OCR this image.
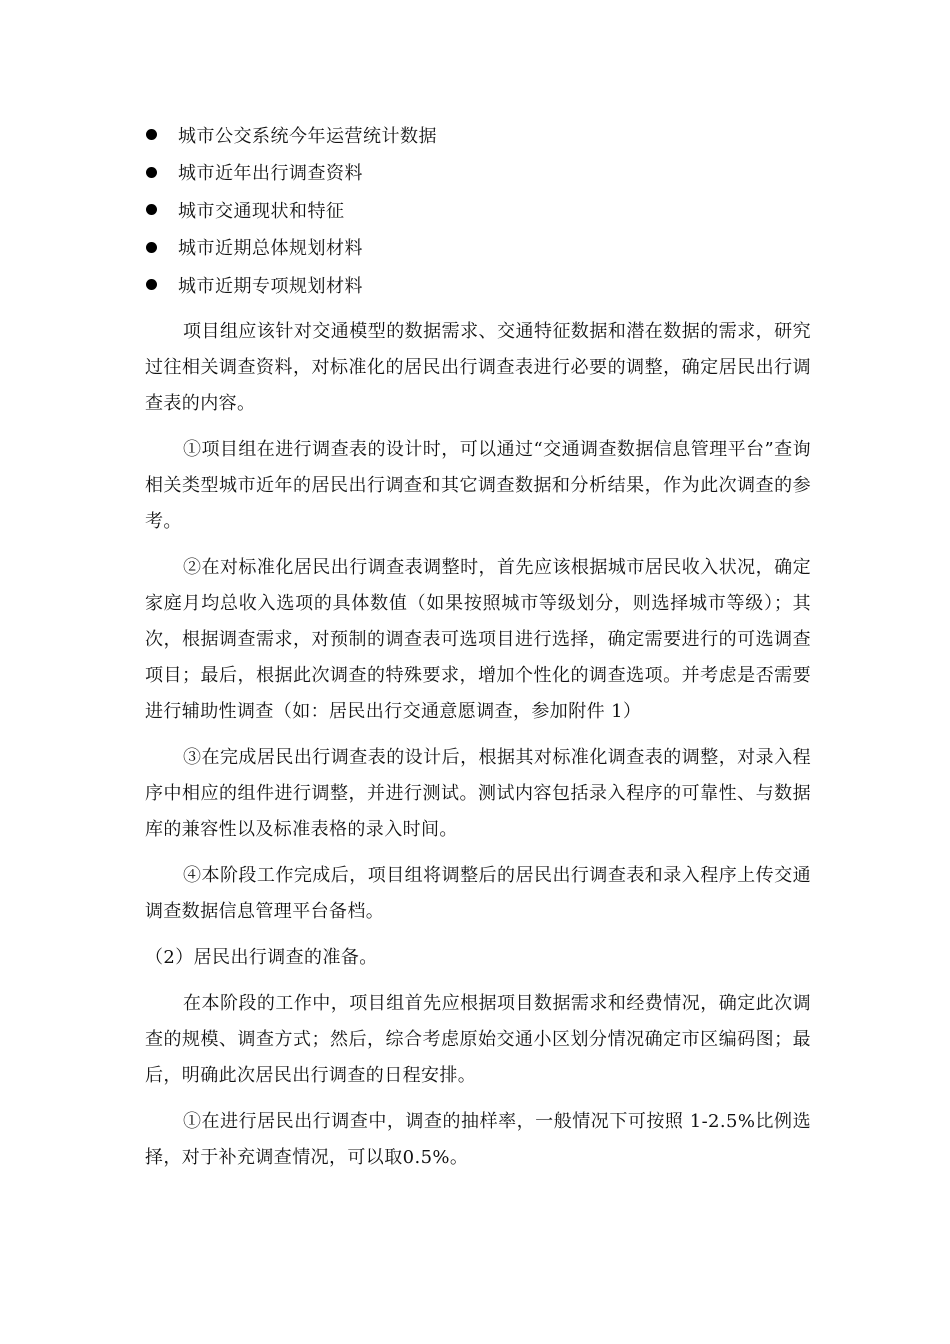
城市公交系统今年运营统计数据
城市近年出行调查资料
城市交通现状和特征
城市近期总体规划材料
城市近期专项规划材料

项目组应该针对交通模型的数据需求、交通特征数据和潜在数据的需求，研究过往相关调查资料，对标准化的居民出行调查表进行必要的调整，确定居民出行调查表的内容。

①项目组在进行调查表的设计时，可以通过“交通调查数据信息管理平台”查询相关类型城市近年的居民出行调查和其它调查数据和分析结果，作为此次调查的参考。

②在对标准化居民出行调查表调整时，首先应该根据城市居民收入状况，确定家庭月均总收入选项的具体数值（如果按照城市等级划分，则选择城市等级）；其次，根据调查需求，对预制的调查表可选项目进行选择，确定需要进行的可选调查项目；最后，根据此次调查的特殊要求，增加个性化的调查选项。并考虑是否需要进行辅助性调查（如：居民出行交通意愿调查，参加附件 1）

③在完成居民出行调查表的设计后，根据其对标准化调查表的调整，对录入程序中相应的组件进行调整，并进行测试。测试内容包括录入程序的可靠性、与数据库的兼容性以及标准表格的录入时间。

④本阶段工作完成后，项目组将调整后的居民出行调查表和录入程序上传交通调查数据信息管理平台备档。

（2）居民出行调查的准备。

在本阶段的工作中，项目组首先应根据项目数据需求和经费情况，确定此次调查的规模、调查方式；然后，综合考虑原始交通小区划分情况确定市区编码图；最后，明确此次居民出行调查的日程安排。

①在进行居民出行调查中，调查的抽样率，一般情况下可按照 1-2.5%比例选择，对于补充调查情况，可以取0.5%。
